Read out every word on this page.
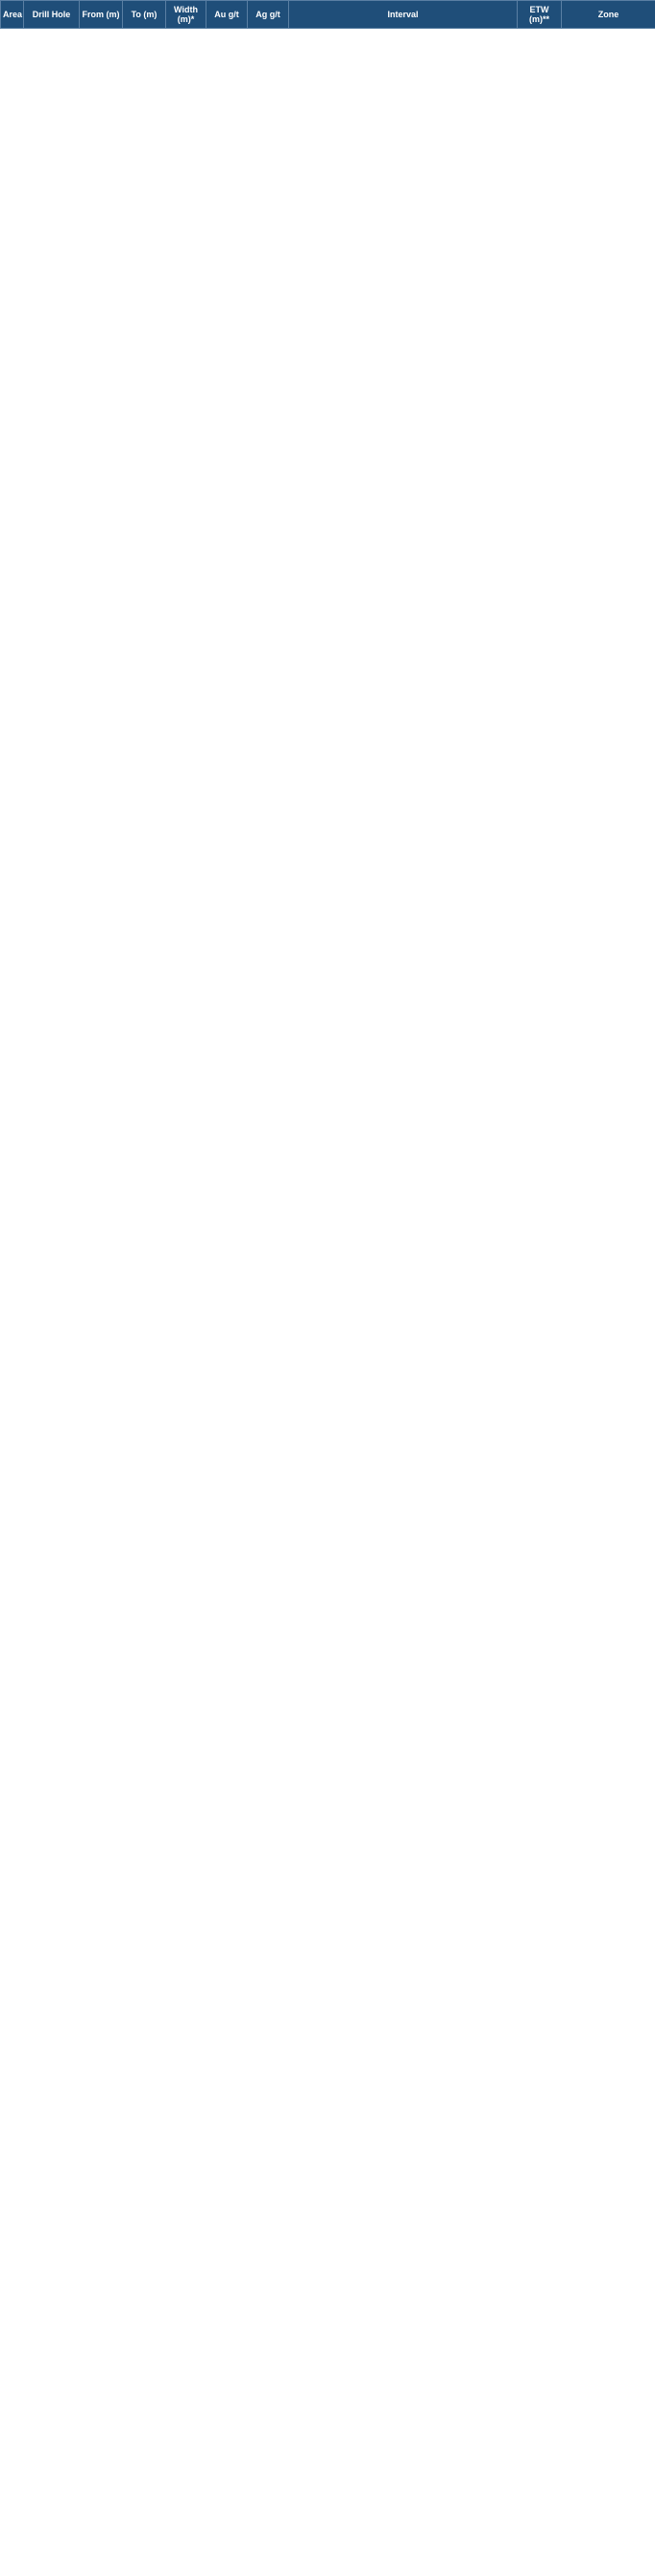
Area	Drill Hole	From (m)	To (m)	Width (m)*	Au g/t	Ag g/t	Interval	ETW (m)**	Zone
